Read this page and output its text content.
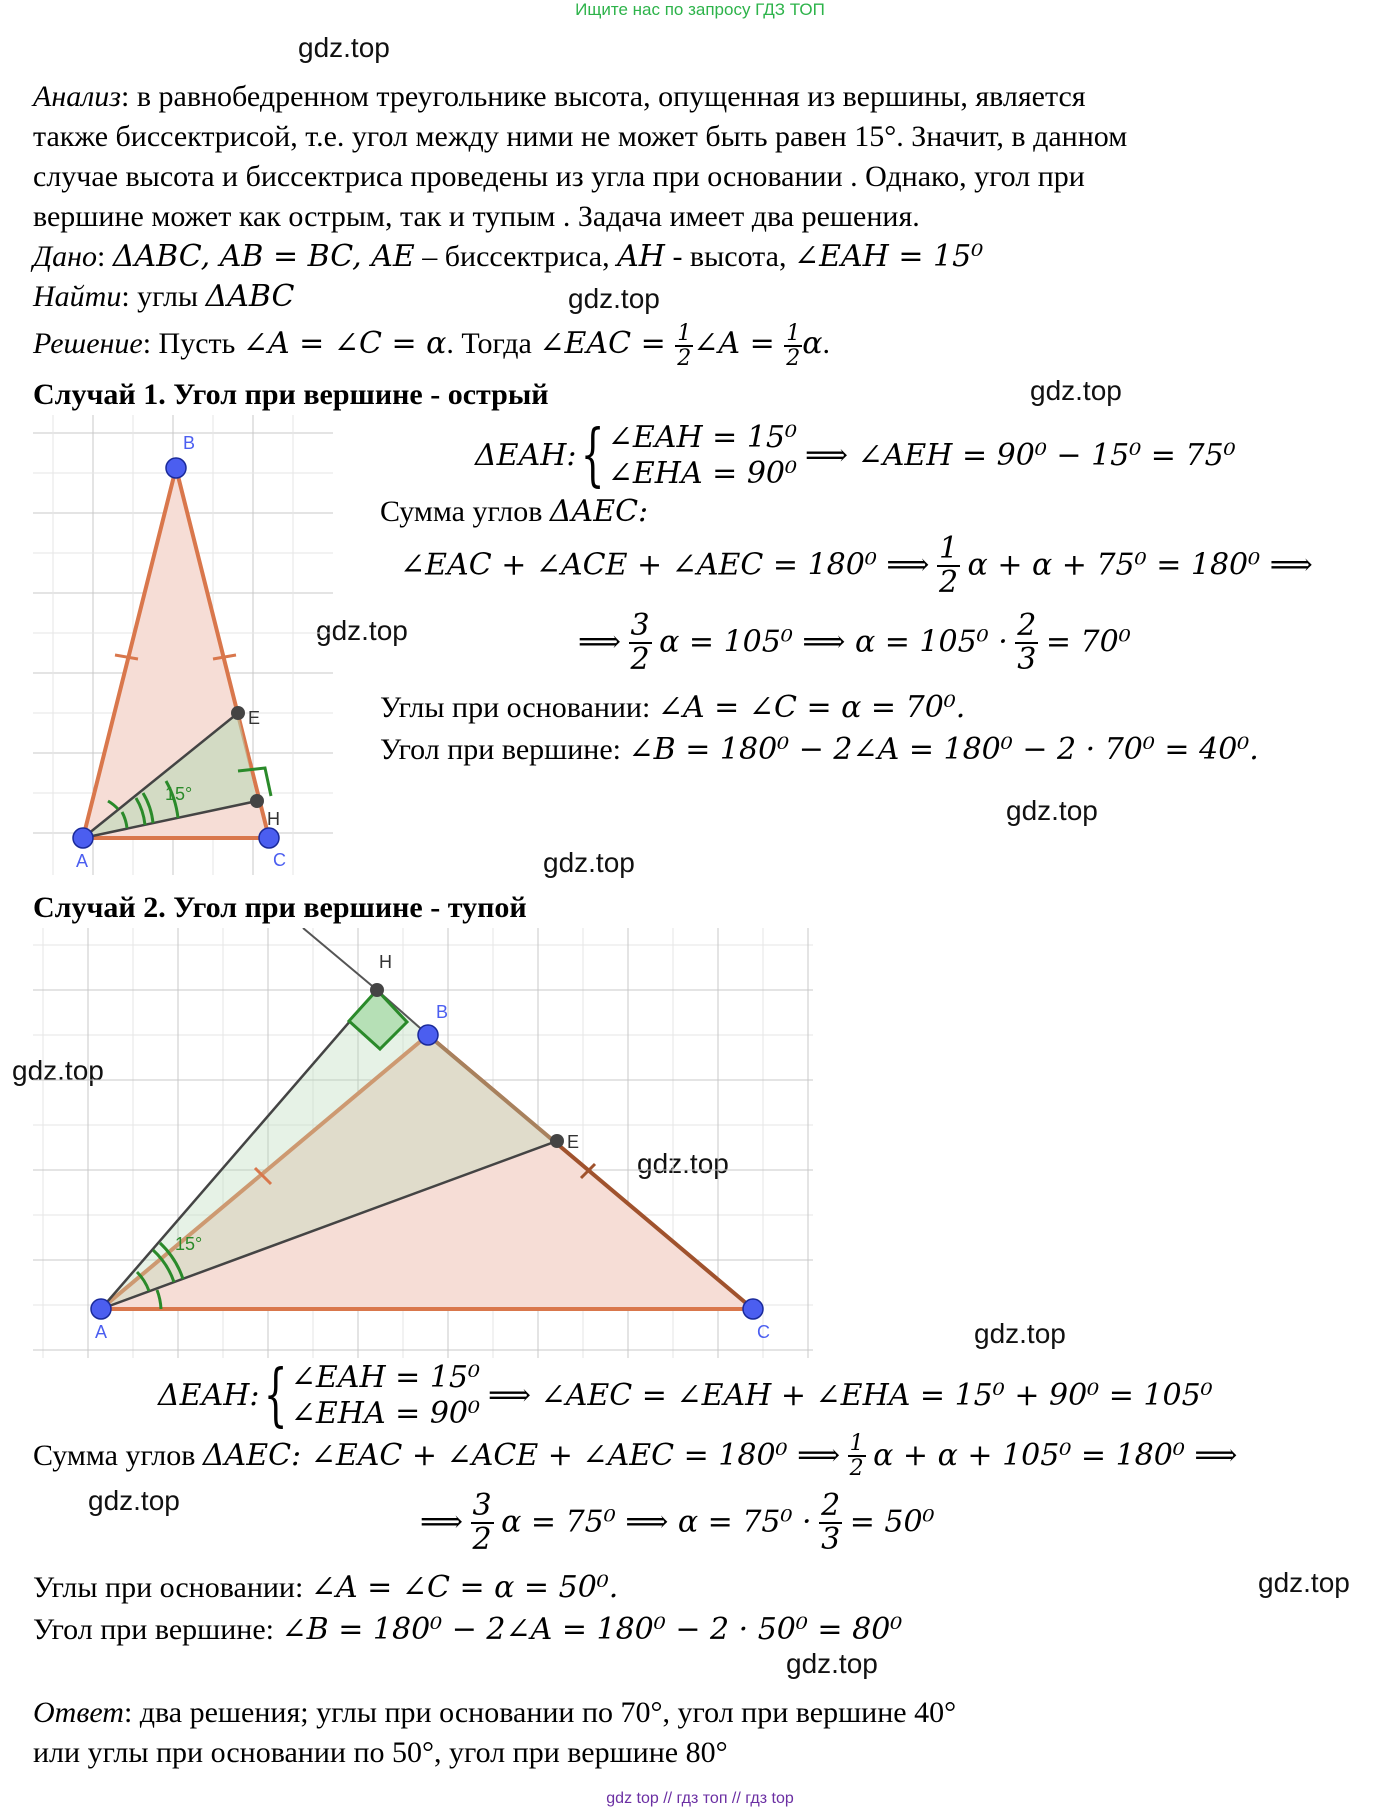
Ищите нас по запросу ГДЗ ТОП
gdz.top
gdz.top
gdz.top
gdz.top
gdz.top
gdz.top
gdz.top
gdz.top
gdz.top
gdz.top
gdz.top
gdz.top
Анализ: в равнобедренном треугольнике высота, опущенная из вершины, является
также биссектрисой, т.е. угол между ними не может быть равен 15°. Значит, в данном
случае высота и биссектриса проведены из угла при основании . Однако, угол при
вершине может как острым, так и тупым . Задача имеет два решения.
Дано: ΔABC, AB = BC, AE – биссектриса, AH - высота, ∠EAH = 15⁰
Найти: углы ΔABC
Решение: Пусть ∠A = ∠C = α. Тогда ∠EAC = $\frac{1}{2}$ ∠A = $\frac{1}{2} \alpha$.
Случай 1. Угол при вершине - острый
B
A	C
E
H
15°
ΔEAH:{ ∠EAH = 15⁰
∠EHA = 90⁰
⟹ ∠AEH = 90⁰ − 15⁰ = 75⁰
Сумма углов ΔAEC:
∠EAC + ∠ACE + ∠AEC = 180⁰ ⟹ $\frac{1}{2}$ α + α + 75⁰ = 180⁰ ⟹
⟹ $\frac{3}{2}$ α = 105⁰ ⟹ $\alpha = 105^0 \cdot \frac{2}{3} = 70^0$
Углы при основании: ∠A = ∠C = α = 70⁰.
Угол при вершине: ∠B = 180⁰ − 2∠A = 180⁰ − 2 · 70⁰ = 40⁰.
Случай 2. Угол при вершине - тупой
B
A	C
E
H
15°
ΔEAH:{ ∠EAH = 15⁰
∠EHA = 90⁰
⟹ ∠AEC = ∠EAH + ∠EHA = 15⁰ + 90⁰ = 105⁰
Сумма углов ΔAEC: ∠EAC + ∠ACE + ∠AEC = 180⁰ ⟹ $\frac{1}{2}$ α + α + 105⁰ = 180⁰ ⟹
⟹ $\frac{3}{2}$ α = 75⁰ ⟹ $\alpha = 75^0 \cdot \frac{2}{3} = 50^0$
Углы при основании: ∠A = ∠C = α = 50⁰.
Угол при вершине: ∠B = 180⁰ − 2∠A = 180⁰ − 2 · 50⁰ = 80⁰
Ответ: два решения; углы при основании по 70°, угол при вершине 40°
или углы при основании по 50°, угол при вершине 80°
gdz top // гдз топ // гдз top
